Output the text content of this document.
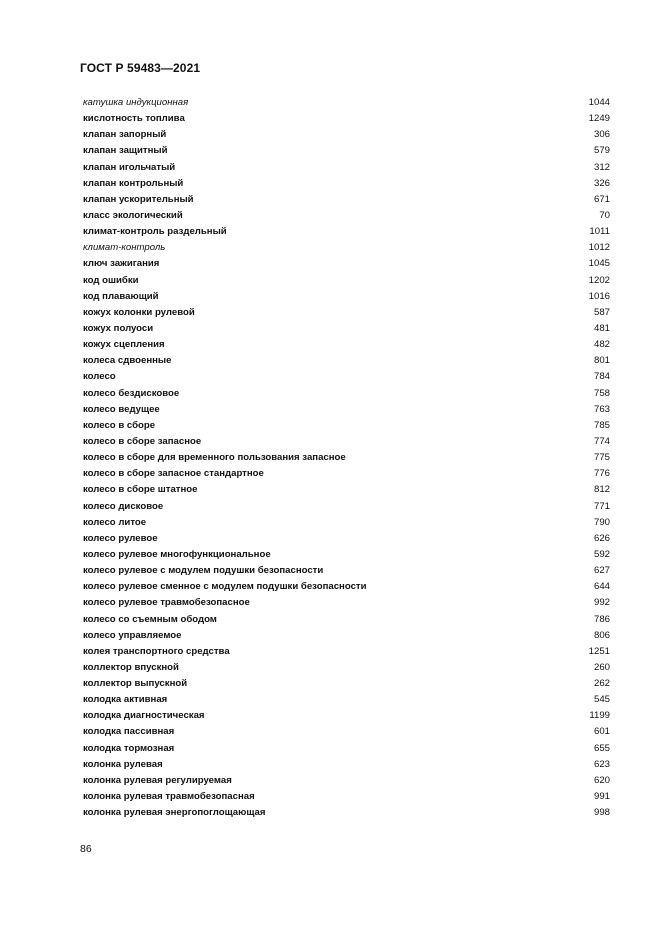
ГОСТ Р 59483—2021
катушка индукционная	1044
кислотность топлива	1249
клапан запорный	306
клапан защитный	579
клапан игольчатый	312
клапан контрольный	326
клапан ускорительный	671
класс экологический	70
климат-контроль раздельный	1011
климат-контроль	1012
ключ зажигания	1045
код ошибки	1202
код плавающий	1016
кожух колонки рулевой	587
кожух полуоси	481
кожух сцепления	482
колеса сдвоенные	801
колесо	784
колесо бездисковое	758
колесо ведущее	763
колесо в сборе	785
колесо в сборе запасное	774
колесо в сборе для временного пользования запасное	775
колесо в сборе запасное стандартное	776
колесо в сборе штатное	812
колесо дисковое	771
колесо литое	790
колесо рулевое	626
колесо рулевое многофункциональное	592
колесо рулевое с модулем подушки безопасности	627
колесо рулевое сменное с модулем подушки безопасности	644
колесо рулевое травмобезопасное	992
колесо со съемным ободом	786
колесо управляемое	806
колея транспортного средства	1251
коллектор впускной	260
коллектор выпускной	262
колодка активная	545
колодка диагностическая	1199
колодка пассивная	601
колодка тормозная	655
колонка рулевая	623
колонка рулевая регулируемая	620
колонка рулевая травмобезопасная	991
колонка рулевая энергопоглощающая	998
86
